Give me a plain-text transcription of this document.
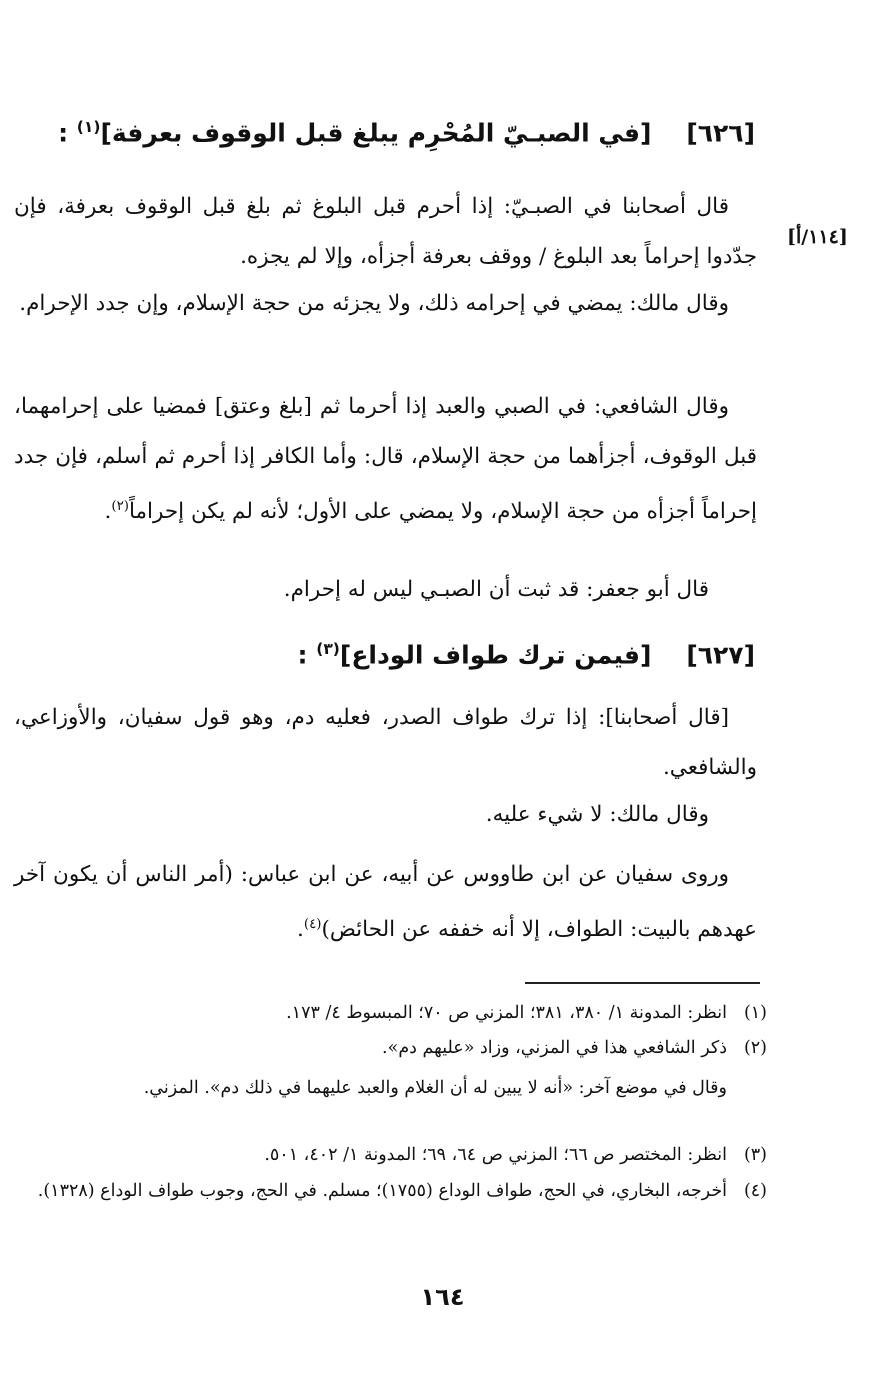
[٦٢٦]    [في الصبـيّ المُحْرِم يبلغ قبل الوقوف بعرفة]$^{(١)}$ :
[١١٤/أ]
قال أصحابنا في الصبـيّ: إذا أحرم قبل البلوغ ثم بلغ قبل الوقوف بعرفة، فإن جدّدوا إحراماً بعد البلوغ / ووقف بعرفة أجزأه، وإلا لم يجزه.
وقال مالك: يمضي في إحرامه ذلك، ولا يجزئه من حجة الإسلام، وإن جدد الإحرام.
وقال الشافعي: في الصبي والعبد إذا أحرما ثم [بلغ وعتق] فمضيا على إحرامهما، قبل الوقوف، أجزأهما من حجة الإسلام، قال: وأما الكافر إذا أحرم ثم أسلم، فإن جدد إحراماً أجزأه من حجة الإسلام، ولا يمضي على الأول؛ لأنه لم يكن إحراماً$^{(٢)}$.
قال أبو جعفر: قد ثبت أن الصبـي ليس له إحرام.
[٦٢٧]    [فيمن ترك طواف الوداع]$^{(٣)}$ :
[قال أصحابنا]: إذا ترك طواف الصدر، فعليه دم، وهو قول سفيان، والأوزاعي، والشافعي.
وقال مالك: لا شيء عليه.
وروى سفيان عن ابن طاووس عن أبيه، عن ابن عباس: (أمر الناس أن يكون آخر عهدهم بالبيت: الطواف، إلا أنه خففه عن الحائض)$^{(٤)}$.
(١)انظر: المدونة ١/ ٣٨٠، ٣٨١؛ المزني ص ٧٠؛ المبسوط ٤/ ١٧٣.
(٢)ذكر الشافعي هذا في المزني، وزاد «عليهم دم».
وقال في موضع آخر: «أنه لا يبين له أن الغلام والعبد عليهما في ذلك دم». المزني.
(٣)انظر: المختصر ص ٦٦؛ المزني ص ٦٤، ٦٩؛ المدونة ١/ ٤٠٢، ٥٠١.
(٤)أخرجه، البخاري، في الحج، طواف الوداع (١٧٥٥)؛ مسلم. في الحج، وجوب طواف الوداع (١٣٢٨).
١٦٤
